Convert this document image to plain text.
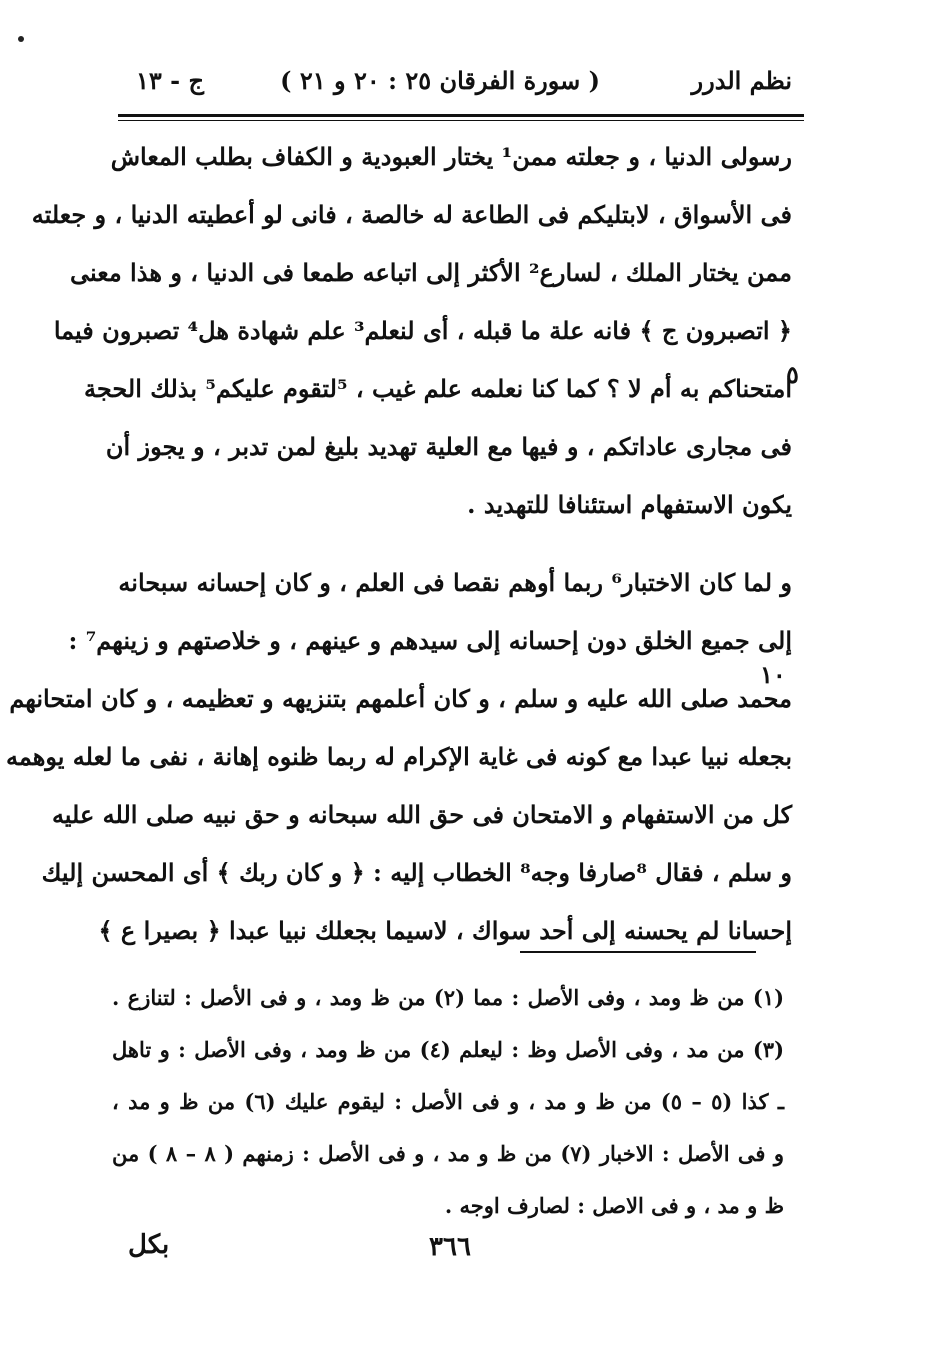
نظم الدرر
( سورة الفرقان ٢٥ : ٢٠ و ٢١ )
ج - ١٣
رسولى الدنيا ، و جعلته ممن¹ يختار العبودية و الكفاف بطلب المعاش
فى الأسواق ، لابتليكم فى الطاعة له خالصة ، فانى لو أعطيته الدنيا ، و جعلته
ممن يختار الملك ، لسارع² الأكثر إلى اتباعه طمعا فى الدنيا ، و هذا معنى
﴿ اتصبرون ج ﴾ فانه علة ما قبله ، أى لنعلم³ علم شهادة هل⁴ تصبرون فيما
امتحناكم به أم لا ؟ كما كنا نعلمه علم غيب ، ⁵لتقوم عليكم⁵ بذلك الحجة
فى مجارى عاداتكم ، و فيها مع العلية تهديد بليغ لمن تدبر ، و يجوز أن
يكون الاستفهام استئنافا للتهديد .
و لما كان الاختبار⁶ ربما أوهم نقصا فى العلم ، و كان إحسانه سبحانه
إلى جميع الخلق دون إحسانه إلى سيدهم و عينهم ، و خلاصتهم و زينهم⁷ :
محمد صلى الله عليه و سلم ، و كان أعلمهم بتنزيهه و تعظيمه ، و كان امتحانهم
بجعله نبيا عبدا مع كونه فى غاية الإكرام له ربما ظنوه إهانة ، نفى ما لعله يوهمه
كل من الاستفهام و الامتحان فى حق الله سبحانه و حق نبيه صلى الله عليه
و سلم ، فقال ⁸صارفا وجه⁸ الخطاب إليه : ﴿ و كان ربك ﴾ أى المحسن إليك
إحسانا لم يحسنه إلى أحد سواك ، لاسيما بجعلك نبيا عبدا ﴿ بصيرا ع ﴾
٥
١٠
(١) من ظ ومد ، وفى الأصل : مما (٢) من ظ ومد ، و فى الأصل : لتنازع .
(٣) من مد ، وفى الأصل وظ : ليعلم (٤) من ظ ومد ، وفى الأصل : و تاهل
ـ كذا (٥ – ٥) من ظ و مد ، و فى الأصل : ليقوم عليك (٦) من ظ و مد ،
و فى الأصل : الاخبار (٧) من ظ و مد ، و فى الأصل : زمنهم ( ٨ – ٨ ) من
ظ و مد ، و فى الاصل : لصارف اوجه .
٣٦٦
بكل
